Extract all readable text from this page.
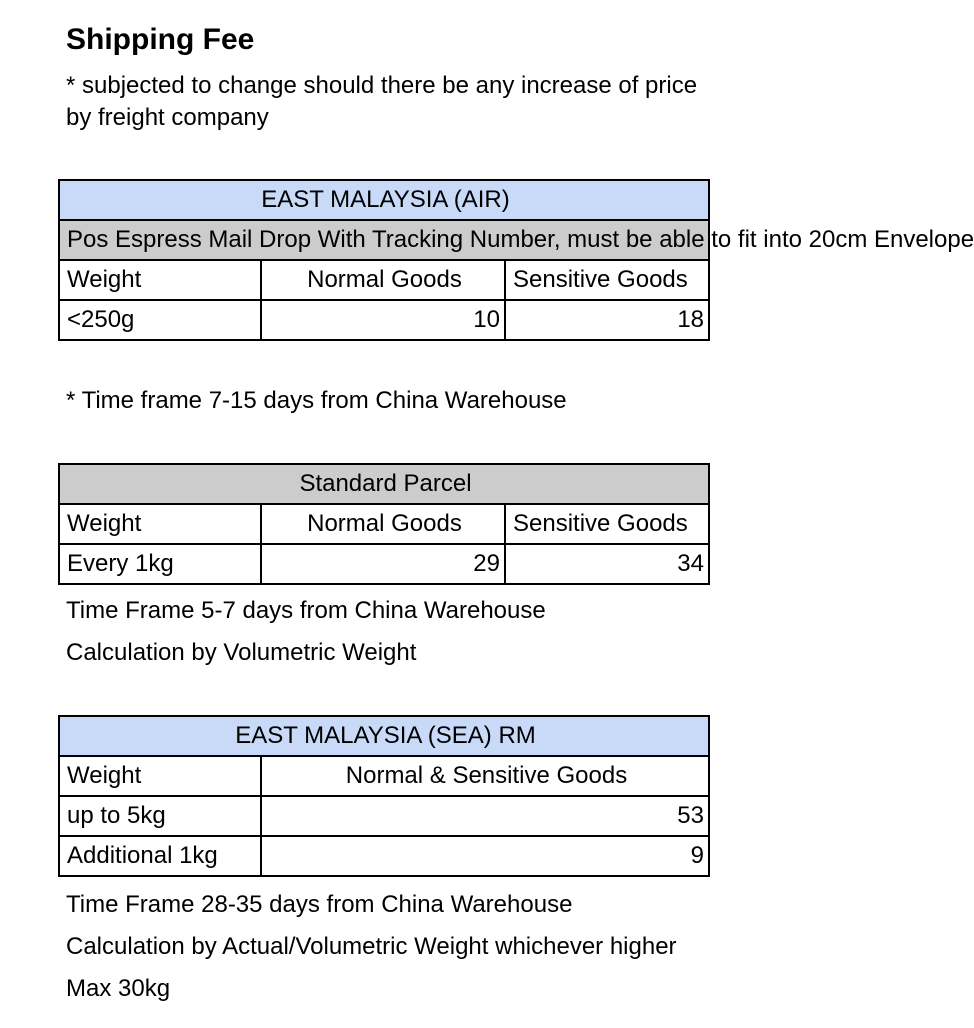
Shipping Fee
* subjected to change should there be any increase of price by freight company
EAST MALAYSIA (AIR)		
Pos Espress Mail Drop With Tracking Number, must be able to fit into 20cm Envelope		
Weight	Normal Goods	Sensitive Goods
<250g	10	18
* Time frame 7-15 days from China Warehouse
Standard Parcel		
Weight	Normal Goods	Sensitive Goods
Every 1kg	29	34
Time Frame 5-7 days from China Warehouse
Calculation by Volumetric Weight
EAST MALAYSIA (SEA) RM	
Weight	Normal & Sensitive Goods
up to 5kg	53
Additional 1kg	9
Time Frame 28-35 days from China Warehouse
Calculation by Actual/Volumetric Weight whichever higher
Max 30kg
